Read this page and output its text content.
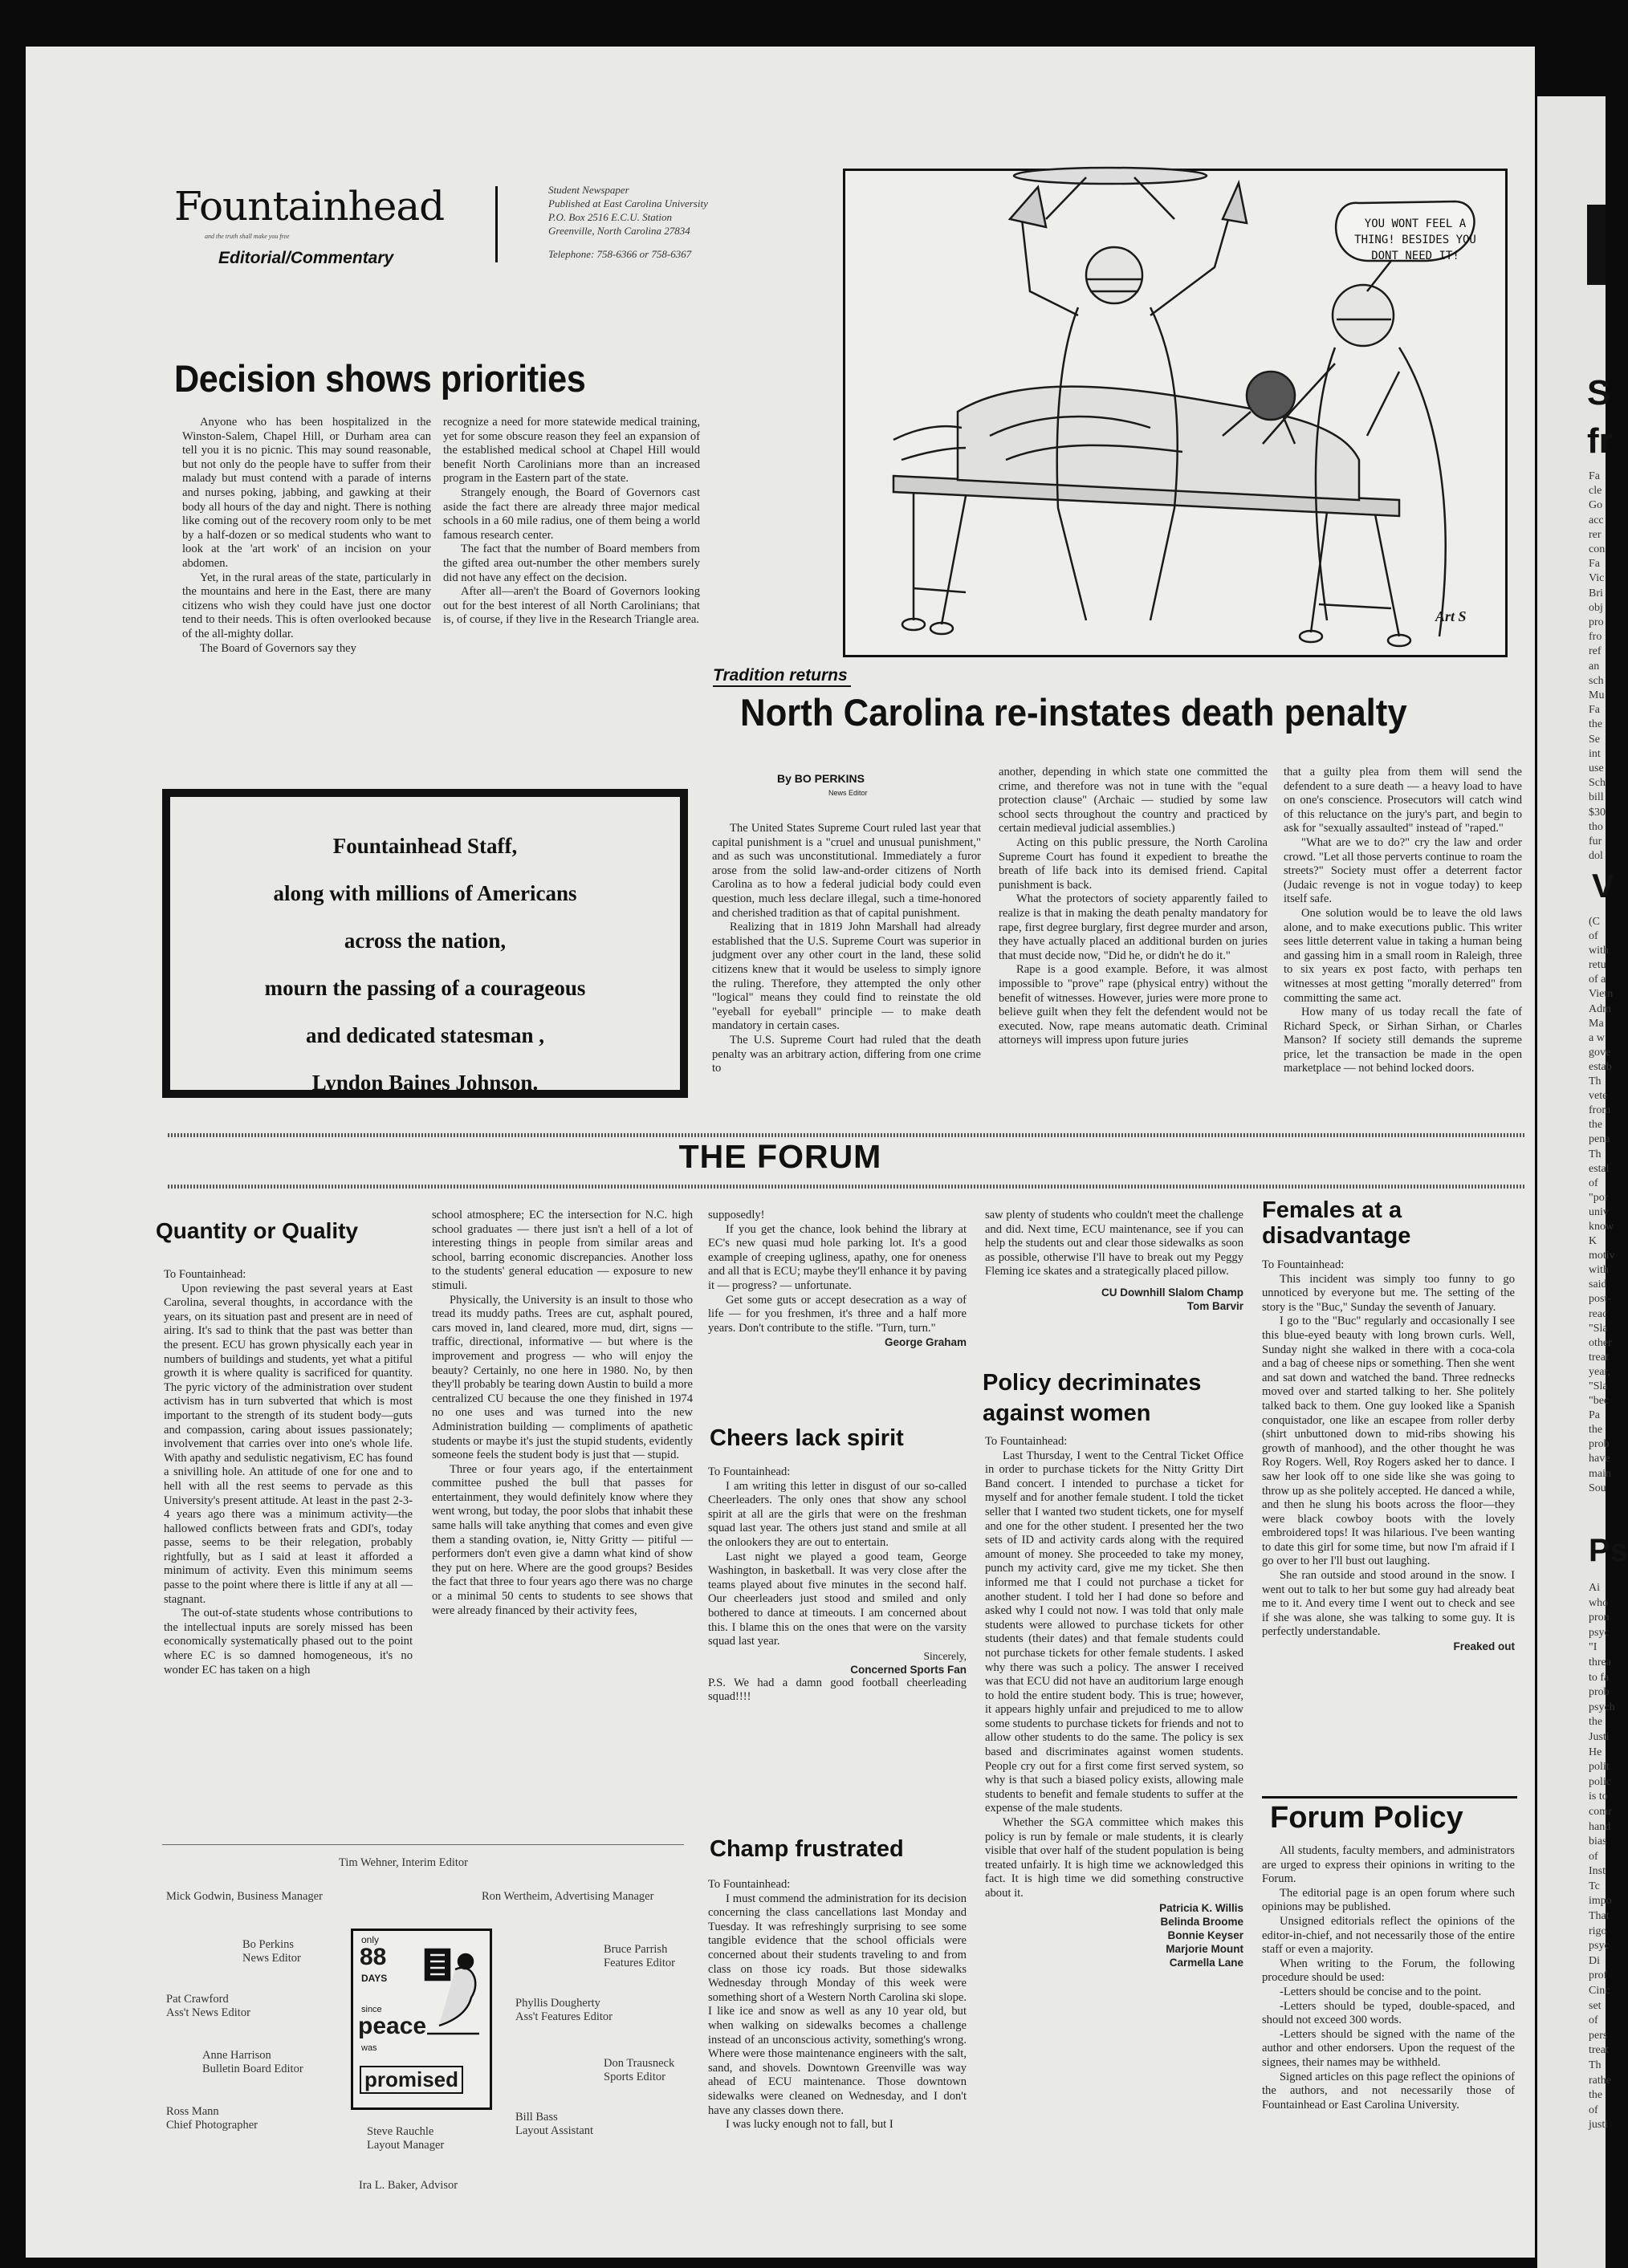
Fountainhead
and the truth shall make you free
Editorial/Commentary
Student Newspaper
Published at East Carolina University
P.O. Box 2516 E.C.U. Station
Greenville, North Carolina 27834
Telephone: 758-6366 or 758-6367
Decision shows priorities

Anyone who has been hospitalized in the Winston-Salem, Chapel Hill, or Durham area can tell you it is no picnic. This may sound reasonable, but not only do the people have to suffer from their malady but must contend with a parade of interns and nurses poking, jabbing, and gawking at their body all hours of the day and night. There is nothing like coming out of the recovery room only to be met by a half-dozen or so medical students who want to look at the 'art work' of an incision on your abdomen.

Yet, in the rural areas of the state, particularly in the mountains and here in the East, there are many citizens who wish they could have just one doctor tend to their needs. This is often overlooked because of the all-mighty dollar.

The Board of Governors say they

recognize a need for more statewide medical training, yet for some obscure reason they feel an expansion of the established medical school at Chapel Hill would benefit North Carolinians more than an increased program in the Eastern part of the state.

Strangely enough, the Board of Governors cast aside the fact there are already three major medical schools in a 60 mile radius, one of them being a world famous research center.

The fact that the number of Board members from the gifted area out-number the other members surely did not have any effect on the decision.

After all—aren't the Board of Governors looking out for the best interest of all North Carolinians; that is, of course, if they live in the Research Triangle area.

Fountainhead Staff,
along with millions of Americans
across the nation,
mourn the passing of a courageous
and dedicated statesman ,
Lyndon Baines Johnson.
YOU WONT FEEL A
THING! BESIDES YOU
DONT NEED IT!
Art S
Tradition returns
North Carolina re-instates death penalty
By BO PERKINS
News Editor

The United States Supreme Court ruled last year that capital punishment is a "cruel and unusual punishment," and as such was unconstitutional. Immediately a furor arose from the solid law-and-order citizens of North Carolina as to how a federal judicial body could even question, much less declare illegal, such a time-honored and cherished tradition as that of capital punishment.

Realizing that in 1819 John Marshall had already established that the U.S. Supreme Court was superior in judgment over any other court in the land, these solid citizens knew that it would be useless to simply ignore the ruling. Therefore, they attempted the only other "logical" means they could find to reinstate the old "eyeball for eyeball" principle — to make death mandatory in certain cases.

The U.S. Supreme Court had ruled that the death penalty was an arbitrary action, differing from one crime to

another, depending in which state one committed the crime, and therefore was not in tune with the "equal protection clause" (Archaic — studied by some law school sects throughout the country and practiced by certain medieval judicial assemblies.)

Acting on this public pressure, the North Carolina Supreme Court has found it expedient to breathe the breath of life back into its demised friend. Capital punishment is back.

What the protectors of society apparently failed to realize is that in making the death penalty mandatory for rape, first degree burglary, first degree murder and arson, they have actually placed an additional burden on juries that must decide now, "Did he, or didn't he do it."

Rape is a good example. Before, it was almost impossible to "prove" rape (physical entry) without the benefit of witnesses. However, juries were more prone to believe guilt when they felt the defendent would not be executed. Now, rape means automatic death. Criminal attorneys will impress upon future juries

that a guilty plea from them will send the defendent to a sure death — a heavy load to have on one's conscience. Prosecutors will catch wind of this reluctance on the jury's part, and begin to ask for "sexually assaulted" instead of "raped."

"What are we to do?" cry the law and order crowd. "Let all those perverts continue to roam the streets?" Society must offer a deterrent factor (Judaic revenge is not in vogue today) to keep itself safe.

One solution would be to leave the old laws alone, and to make executions public. This writer sees little deterrent value in taking a human being and gassing him in a small room in Raleigh, three to six years ex post facto, with perhaps ten witnesses at most getting "morally deterred" from committing the same act.

How many of us today recall the fate of Richard Speck, or Sirhan Sirhan, or Charles Manson? If society still demands the supreme price, let the transaction be made in the open marketplace — not behind locked doors.

THE FORUM
Quantity or Quality

To Fountainhead:

Upon reviewing the past several years at East Carolina, several thoughts, in accordance with the years, on its situation past and present are in need of airing. It's sad to think that the past was better than the present. ECU has grown physically each year in numbers of buildings and students, yet what a pitiful growth it is where quality is sacrificed for quantity. The pyric victory of the administration over student activism has in turn subverted that which is most important to the strength of its student body—guts and compassion, caring about issues passionately; involvement that carries over into one's whole life. With apathy and sedulistic negativism, EC has found a snivilling hole. An attitude of one for one and to hell with all the rest seems to pervade as this University's present attitude. At least in the past 2-3-4 years ago there was a minimum activity—the hallowed conflicts between frats and GDI's, today passe, seems to be their relegation, probably rightfully, but as I said at least it afforded a minimum of activity. Even this minimum seems passe to the point where there is little if any at all — stagnant.

The out-of-state students whose contributions to the intellectual inputs are sorely missed has been economically systematically phased out to the point where EC is so damned homogeneous, it's no wonder EC has taken on a high

school atmosphere; EC the intersection for N.C. high school graduates — there just isn't a hell of a lot of interesting things in people from similar areas and school, barring economic discrepancies. Another loss to the students' general education — exposure to new stimuli.

Physically, the University is an insult to those who tread its muddy paths. Trees are cut, asphalt poured, cars moved in, land cleared, more mud, dirt, signs — traffic, directional, informative — but where is the improvement and progress — who will enjoy the beauty? Certainly, no one here in 1980. No, by then they'll probably be tearing down Austin to build a more centralized CU because the one they finished in 1974 no one uses and was turned into the new Administration building — compliments of apathetic students or maybe it's just the stupid students, evidently someone feels the student body is just that — stupid.

Three or four years ago, if the entertainment committee pushed the bull that passes for entertainment, they would definitely know where they went wrong, but today, the poor slobs that inhabit these same halls will take anything that comes and even give them a standing ovation, ie, Nitty Gritty — pitiful — performers don't even give a damn what kind of show they put on here. Where are the good groups? Besides the fact that three to four years ago there was no charge or a minimal 50 cents to students to see shows that were already financed by their activity fees,

supposedly!

If you get the chance, look behind the library at EC's new quasi mud hole parking lot. It's a good example of creeping ugliness, apathy, one for oneness and all that is ECU; maybe they'll enhance it by paving it — progress? — unfortunate.

Get some guts or accept desecration as a way of life — for you freshmen, it's three and a half more years. Don't contribute to the stifle. "Turn, turn."

George Graham
Cheers lack spirit

To Fountainhead:

I am writing this letter in disgust of our so-called Cheerleaders. The only ones that show any school spirit at all are the girls that were on the freshman squad last year. The others just stand and smile at all the onlookers they are out to entertain.

Last night we played a good team, George Washington, in basketball. It was very close after the teams played about five minutes in the second half. Our cheerleaders just stood and smiled and only bothered to dance at timeouts. I am concerned about this. I blame this on the ones that were on the varsity squad last year.

Sincerely,
Concerned Sports Fan

P.S. We had a damn good football cheerleading squad!!!!

Champ frustrated

To Fountainhead:

I must commend the administration for its decision concerning the class cancellations last Monday and Tuesday. It was refreshingly surprising to see some tangible evidence that the school officials were concerned about their students traveling to and from class on those icy roads. But those sidewalks Wednesday through Monday of this week were something short of a Western North Carolina ski slope. I like ice and snow as well as any 10 year old, but when walking on sidewalks becomes a challenge instead of an unconscious activity, something's wrong. Where were those maintenance engineers with the salt, sand, and shovels. Downtown Greenville was way ahead of ECU maintenance. Those downtown sidewalks were cleaned on Wednesday, and I don't have any classes down there.

I was lucky enough not to fall, but I

saw plenty of students who couldn't meet the challenge and did. Next time, ECU maintenance, see if you can help the students out and clear those sidewalks as soon as possible, otherwise I'll have to break out my Peggy Fleming ice skates and a strategically placed pillow.

CU Downhill Slalom Champ
Tom Barvir
Policy decriminates
against women

To Fountainhead:

Last Thursday, I went to the Central Ticket Office in order to purchase tickets for the Nitty Gritty Dirt Band concert. I intended to purchase a ticket for myself and for another female student. I told the ticket seller that I wanted two student tickets, one for myself and one for the other student. I presented her the two sets of ID and activity cards along with the required amount of money. She proceeded to take my money, punch my activity card, give me my ticket. She then informed me that I could not purchase a ticket for another student. I told her I had done so before and asked why I could not now. I was told that only male students were allowed to purchase tickets for other students (their dates) and that female students could not purchase tickets for other female students. I asked why there was such a policy. The answer I received was that ECU did not have an auditorium large enough to hold the entire student body. This is true; however, it appears highly unfair and prejudiced to me to allow some students to purchase tickets for friends and not to allow other students to do the same. The policy is sex based and discriminates against women students. People cry out for a first come first served system, so why is that such a biased policy exists, allowing male students to benefit and female students to suffer at the expense of the male students.

Whether the SGA committee which makes this policy is run by female or male students, it is clearly visible that over half of the student population is being treated unfairly. It is high time we acknowledged this fact. It is high time we did something constructive about it.

Patricia K. Willis
Belinda Broome
Bonnie Keyser
Marjorie Mount
Carmella Lane
Females at a
disadvantage

To Fountainhead:

This incident was simply too funny to go unnoticed by everyone but me. The setting of the story is the "Buc," Sunday the seventh of January.

I go to the "Buc" regularly and occasionally I see this blue-eyed beauty with long brown curls. Well, Sunday night she walked in there with a coca-cola and a bag of cheese nips or something. Then she went and sat down and watched the band. Three rednecks moved over and started talking to her. She politely talked back to them. One guy looked like a Spanish conquistador, one like an escapee from roller derby (shirt unbuttoned down to mid-ribs showing his growth of manhood), and the other thought he was Roy Rogers. Well, Roy Rogers asked her to dance. I saw her look off to one side like she was going to throw up as she politely accepted. He danced a while, and then he slung his boots across the floor—they were black cowboy boots with the lovely embroidered tops! It was hilarious. I've been wanting to date this girl for some time, but now I'm afraid if I go over to her I'll bust out laughing.

She ran outside and stood around in the snow. I went out to talk to her but some guy had already beat me to it. And every time I went out to check and see if she was alone, she was talking to some guy. It is perfectly understandable.

Freaked out
Forum Policy

All students, faculty members, and administrators are urged to express their opinions in writing to the Forum.

The editorial page is an open forum where such opinions may be published.

Unsigned editorials reflect the opinions of the editor-in-chief, and not necessarily those of the entire staff or even a majority.

When writing to the Forum, the following procedure should be used:

-Letters should be concise and to the point.

-Letters should be typed, double-spaced, and should not exceed 300 words.

-Letters should be signed with the name of the author and other endorsers. Upon the request of the signees, their names may be withheld.

Signed articles on this page reflect the opinions of the authors, and not necessarily those of Fountainhead or East Carolina University.

Tim Wehner, Interim Editor
Mick Godwin, Business Manager	Ron Wertheim, Advertising Manager
Bo Perkins
News Editor
Pat Crawford
Ass't News Editor
Anne Harrison
Bulletin Board Editor
Ross Mann
Chief Photographer
Bruce Parrish
Features Editor
Phyllis Dougherty
Ass't Features Editor
Don Trausneck
Sports Editor
Bill Bass
Layout Assistant
Steve Rauchle
Layout Manager
Ira L. Baker, Advisor
only
88
DAYS
since
peace
was
promised
S
fr
Fa
cle
Go
acc
rer
con
Fa
Vic
Bri
obj
pro
fro
ref
an
sch
Mu
Fa
the
Se
int
use
Sch
bill
$30
tho
fur
dol
V
(C
of
with
retu
of a
Vietn
Adm
Ma
a w
gove
estab
Th
vete
from
the
pena
Th
estal
of
"por
univ
know
K
motiv
with
said
post-
reac
"Sla
other
treat
year,
"Sla
"bec
Pa
the
prob
have
main
Sou
Ps
Ai
who
pron
psyc
"I
threa
to fa
prob
psych
the
Justi
He
polit
polic
is to
comr
hand
bias
of
Inst
Tc
impo
That
rigo
psyc
Di
prof
Cinc
set
of
pers
treat
Th
rathe
the
of
justi
